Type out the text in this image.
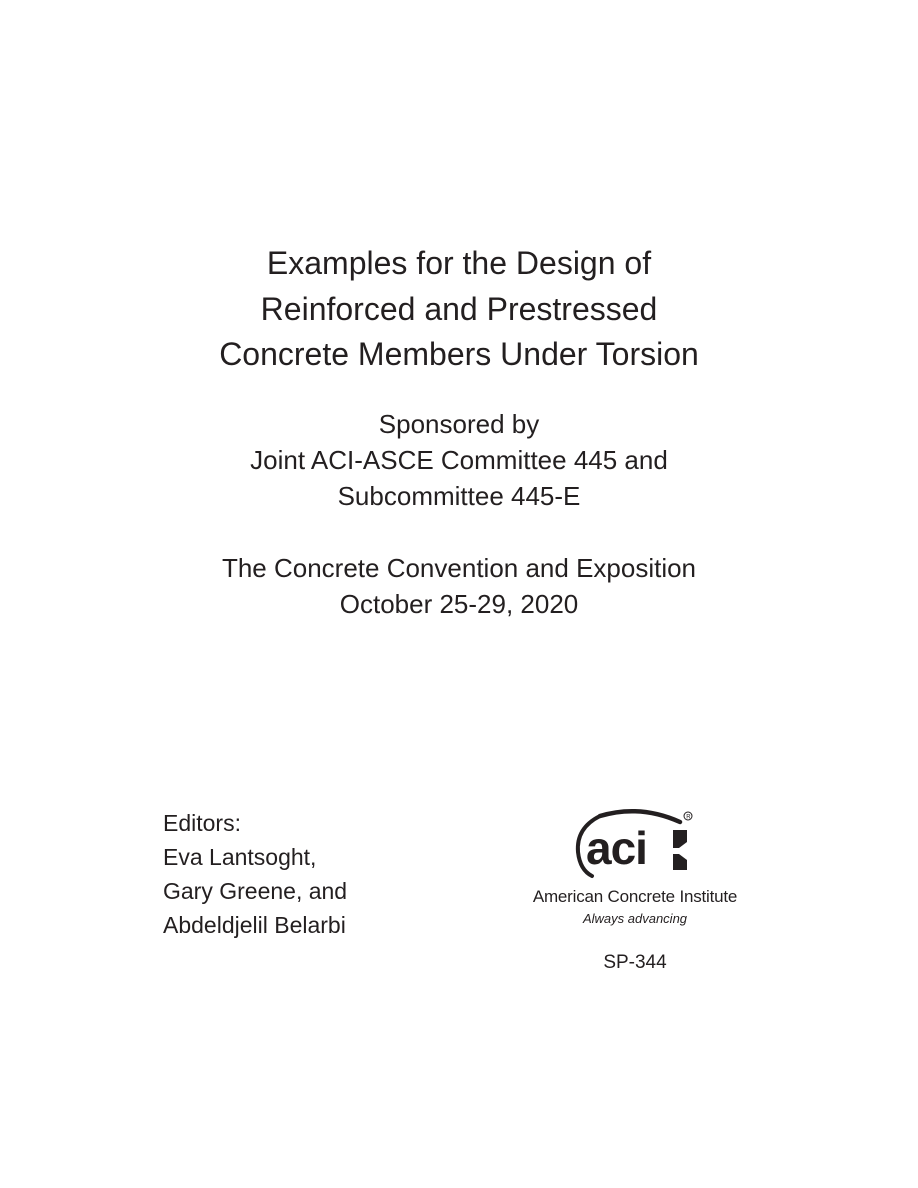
Examples for the Design of
Reinforced and Prestressed
Concrete Members Under Torsion
Sponsored by
Joint ACI-ASCE Committee 445 and
Subcommittee 445-E
The Concrete Convention and Exposition
October 25-29, 2020
Editors:
Eva Lantsoght,
Gary Greene, and
Abdeldjelil Belarbi
aci
R
American Concrete Institute
Always advancing
SP-344
